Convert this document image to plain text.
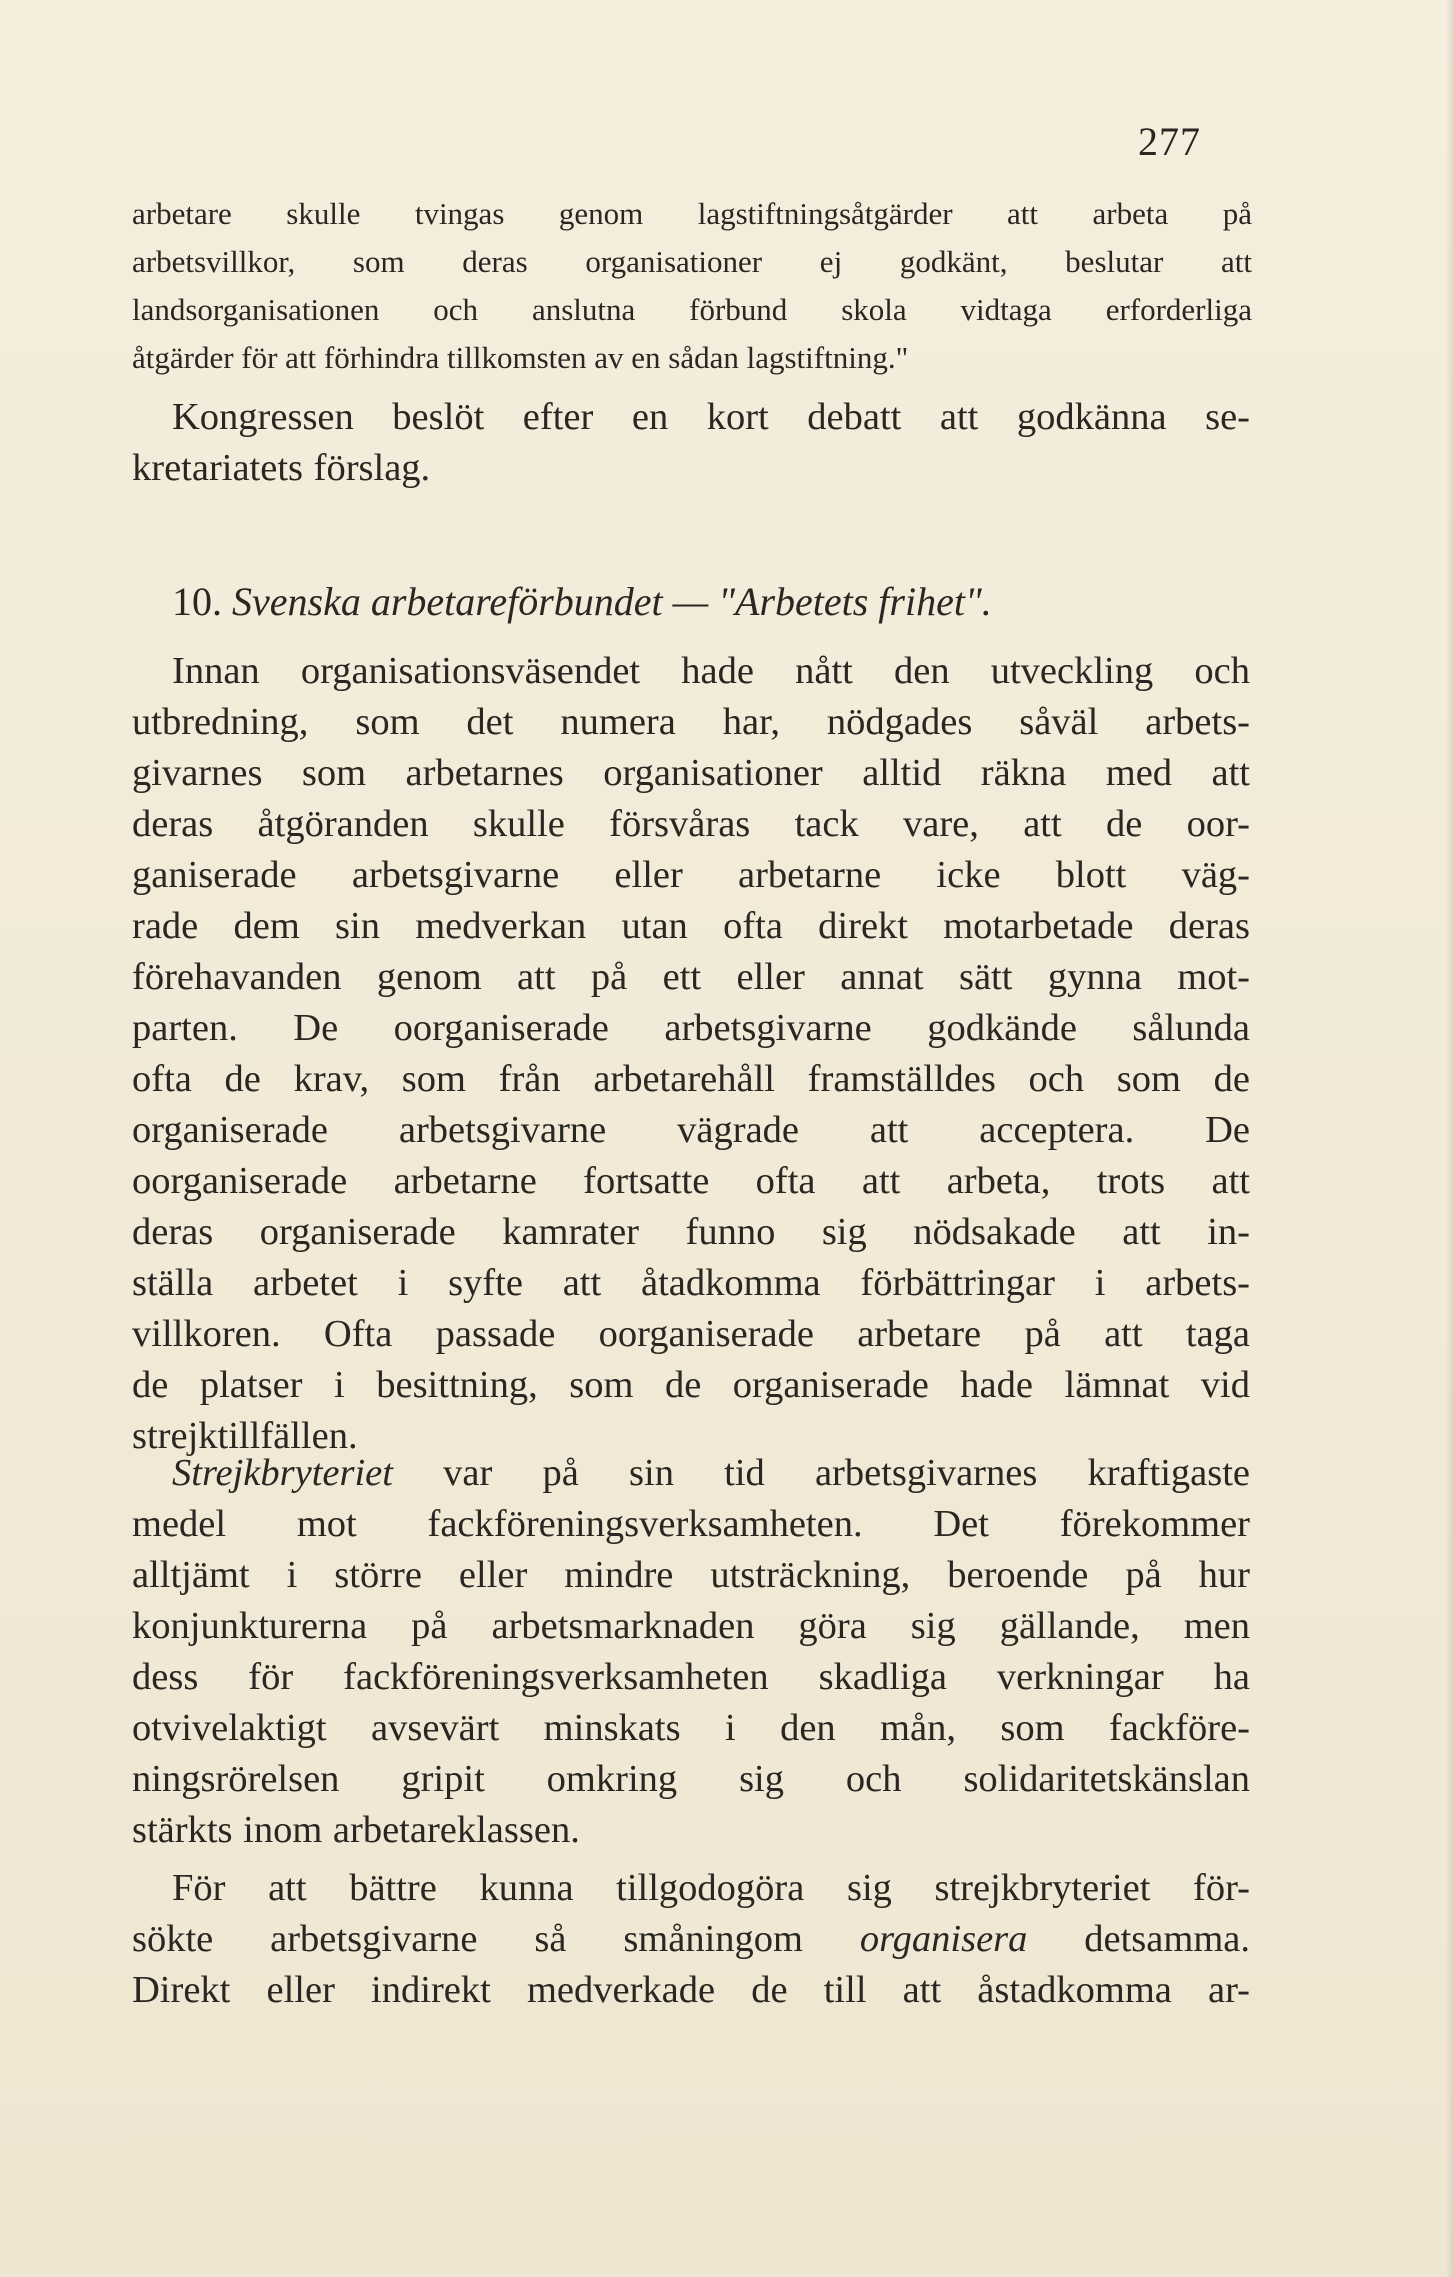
277
arbetare skulle tvingas genom lagstiftningsåtgärder att arbeta på
arbetsvillkor, som deras organisationer ej godkänt, beslutar att
landsorganisationen och anslutna förbund skola vidtaga erforderliga
åtgärder för att förhindra tillkomsten av en sådan lagstiftning."
Kongressen beslöt efter en kort debatt att godkänna se-
kretariatets förslag.
10. Svenska arbetareförbundet — "Arbetets frihet".
Innan organisationsväsendet hade nått den utveckling och
utbredning, som det numera har, nödgades såväl arbets-
givarnes som arbetarnes organisationer alltid räkna med att
deras åtgöranden skulle försvåras tack vare, att de oor-
ganiserade arbetsgivarne eller arbetarne icke blott väg-
rade dem sin medverkan utan ofta direkt motarbetade deras
förehavanden genom att på ett eller annat sätt gynna mot-
parten. De oorganiserade arbetsgivarne godkände sålunda
ofta de krav, som från arbetarehåll framställdes och som de
organiserade arbetsgivarne vägrade att acceptera. De
oorganiserade arbetarne fortsatte ofta att arbeta, trots att
deras organiserade kamrater funno sig nödsakade att in-
ställa arbetet i syfte att åtadkomma förbättringar i arbets-
villkoren. Ofta passade oorganiserade arbetare på att taga
de platser i besittning, som de organiserade hade lämnat vid
strejktillfällen.
Strejkbryteriet var på sin tid arbetsgivarnes kraftigaste
medel mot fackföreningsverksamheten. Det förekommer
alltjämt i större eller mindre utsträckning, beroende på hur
konjunkturerna på arbetsmarknaden göra sig gällande, men
dess för fackföreningsverksamheten skadliga verkningar ha
otvivelaktigt avsevärt minskats i den mån, som fackföre-
ningsrörelsen gripit omkring sig och solidaritetskänslan
stärkts inom arbetareklassen.
För att bättre kunna tillgodogöra sig strejkbryteriet för-
sökte arbetsgivarne så småningom organisera detsamma.
Direkt eller indirekt medverkade de till att åstadkomma ar-
